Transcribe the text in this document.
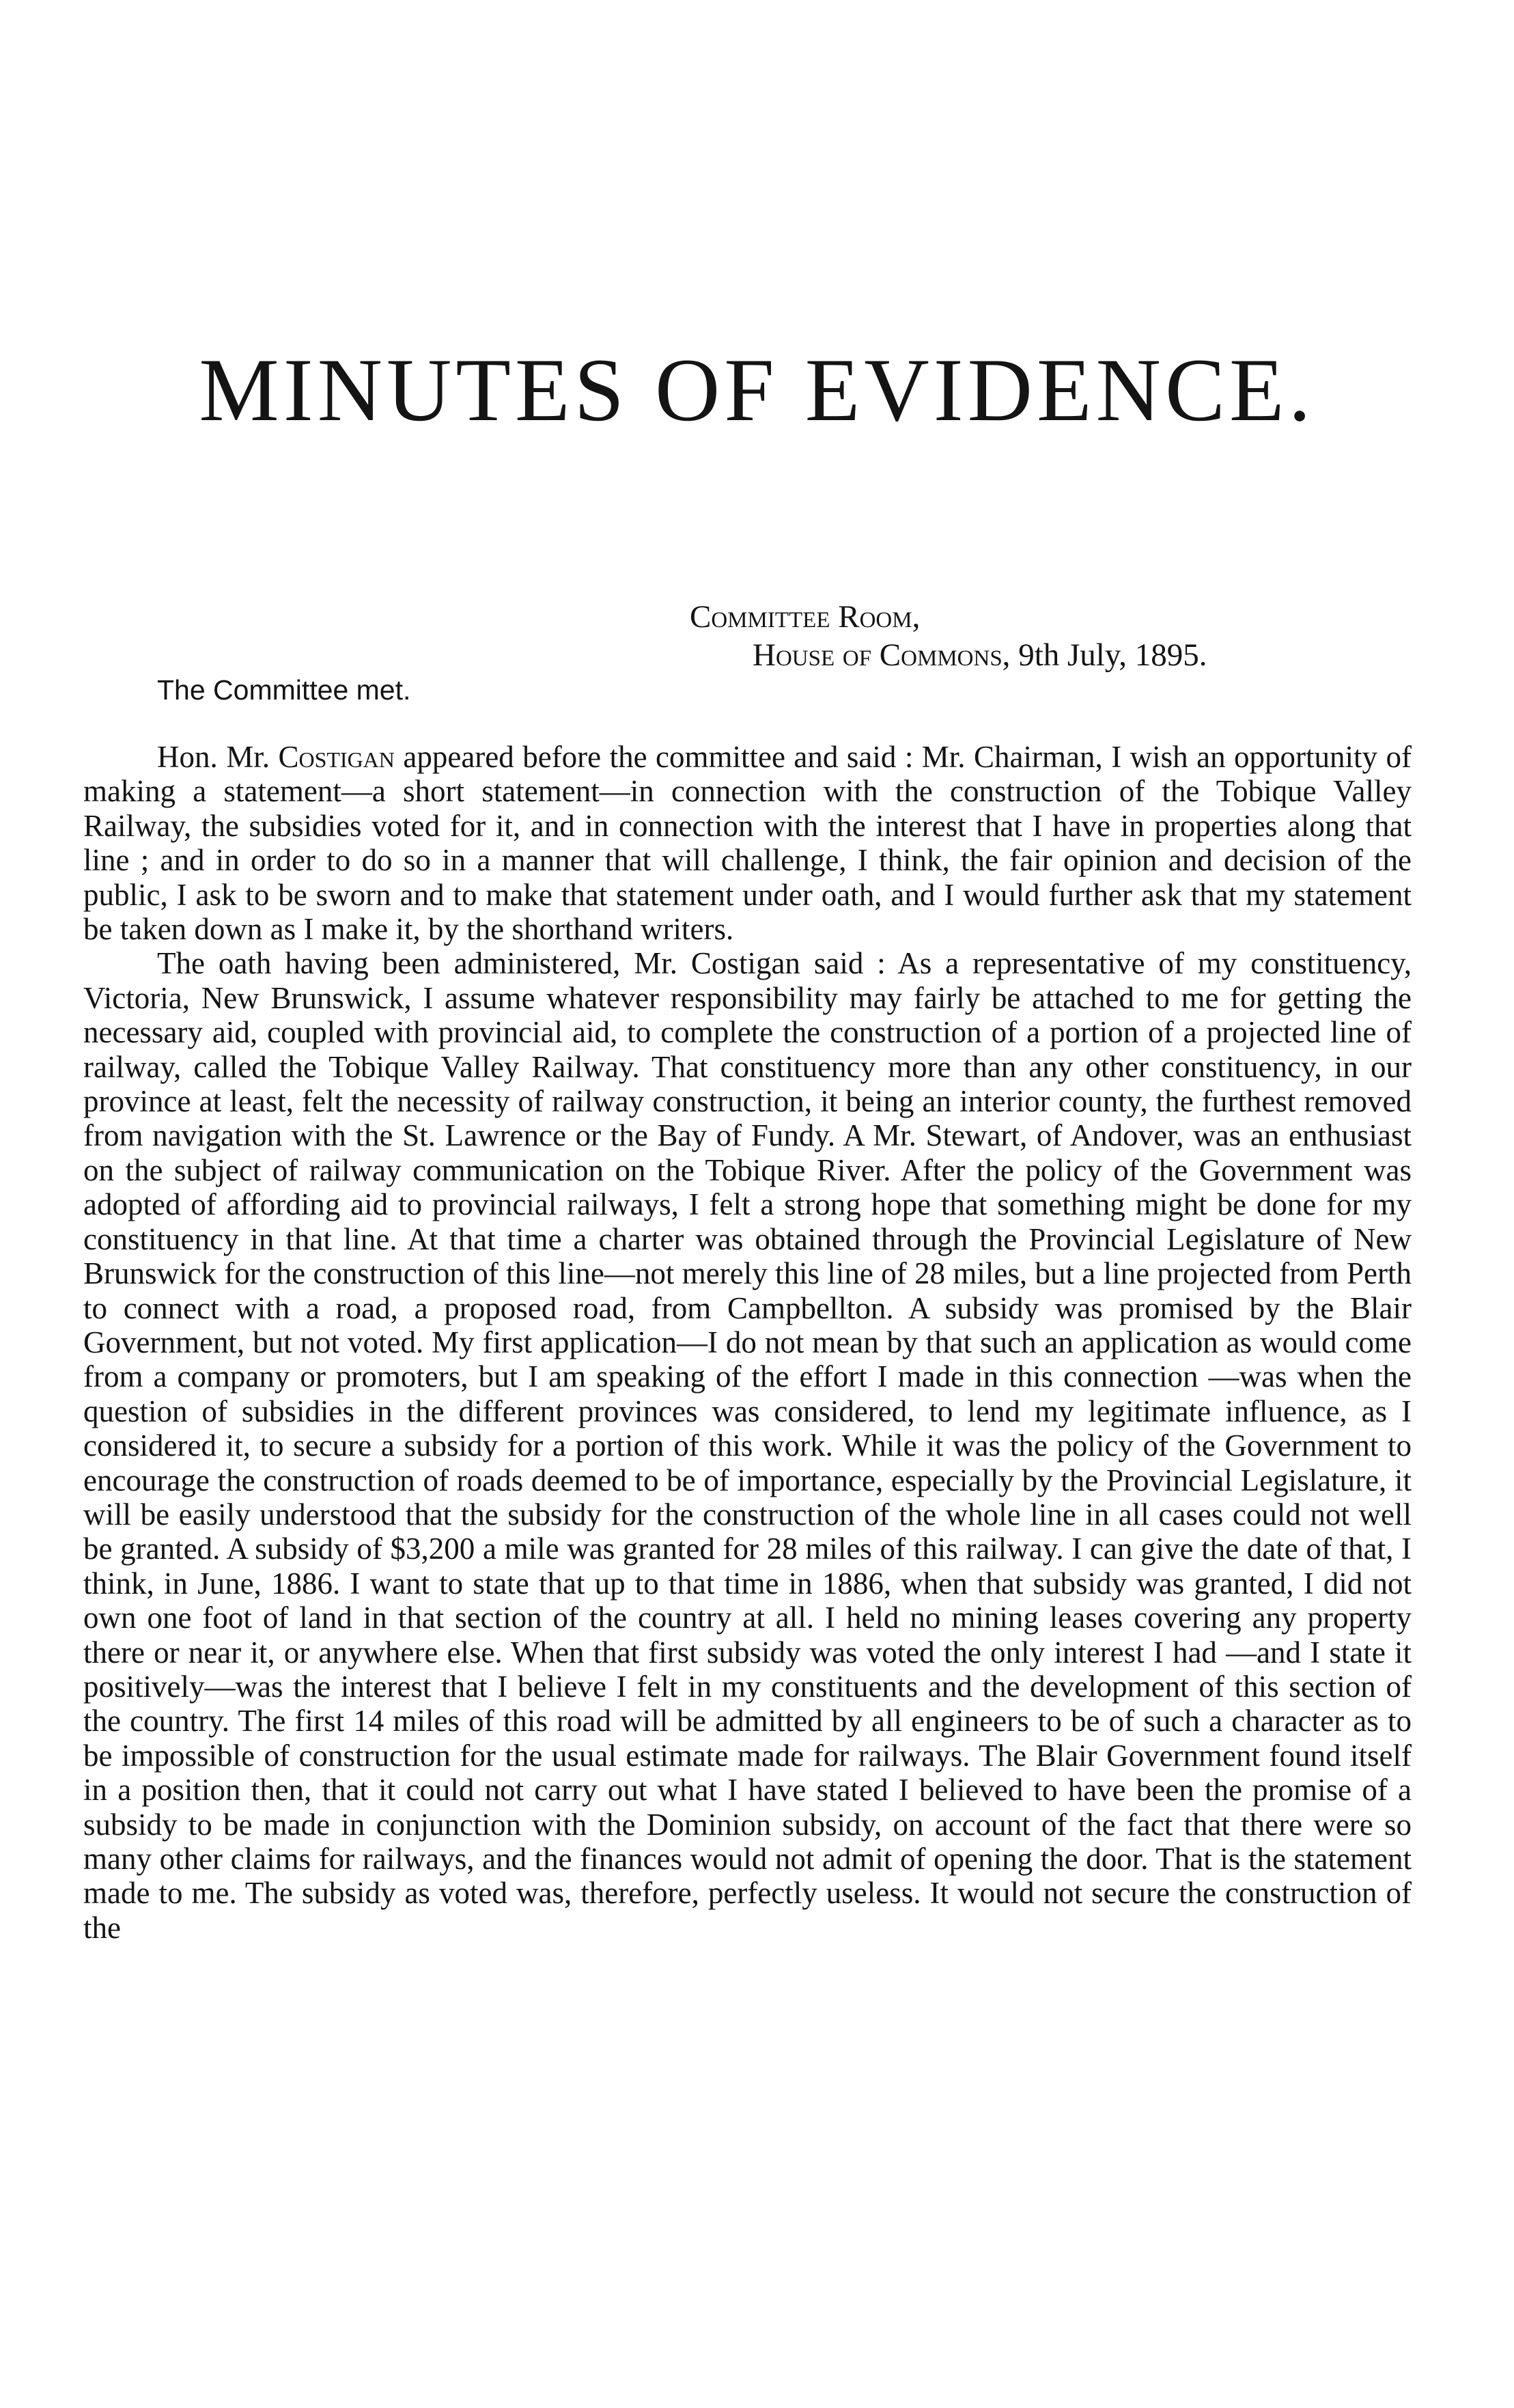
MINUTES OF EVIDENCE.
Committee Room,
House of Commons, 9th July, 1895.
The Committee met.

Hon. Mr. Costigan appeared before the committee and said : Mr. Chairman, I wish an opportunity of making a statement—a short statement—in connection with the construction of the Tobique Valley Railway, the subsidies voted for it, and in connection with the interest that I have in properties along that line ; and in order to do so in a manner that will challenge, I think, the fair opinion and decision of the public, I ask to be sworn and to make that statement under oath, and I would further ask that my statement be taken down as I make it, by the shorthand writers.

The oath having been administered, Mr. Costigan said : As a representative of my constituency, Victoria, New Brunswick, I assume whatever responsibility may fairly be attached to me for getting the necessary aid, coupled with provincial aid, to complete the construction of a portion of a projected line of railway, called the Tobique Valley Railway. That constituency more than any other constituency, in our province at least, felt the necessity of railway construction, it being an interior county, the furthest removed from navigation with the St. Lawrence or the Bay of Fundy. A Mr. Stewart, of Andover, was an enthusiast on the subject of railway communication on the Tobique River. After the policy of the Government was adopted of affording aid to provincial railways, I felt a strong hope that something might be done for my constituency in that line. At that time a charter was obtained through the Provincial Legislature of New Brunswick for the construction of this line—not merely this line of 28 miles, but a line projected from Perth to connect with a road, a proposed road, from Campbellton. A subsidy was promised by the Blair Government, but not voted. My first application—I do not mean by that such an application as would come from a company or promoters, but I am speaking of the effort I made in this connection —was when the question of subsidies in the different provinces was considered, to lend my legitimate influence, as I considered it, to secure a subsidy for a portion of this work. While it was the policy of the Government to encourage the construction of roads deemed to be of importance, especially by the Provincial Legislature, it will be easily understood that the subsidy for the construction of the whole line in all cases could not well be granted. A subsidy of $3,200 a mile was granted for 28 miles of this railway. I can give the date of that, I think, in June, 1886. I want to state that up to that time in 1886, when that subsidy was granted, I did not own one foot of land in that section of the country at all. I held no mining leases covering any property there or near it, or anywhere else. When that first subsidy was voted the only interest I had —and I state it positively—was the interest that I believe I felt in my constituents and the development of this section of the country. The first 14 miles of this road will be admitted by all engineers to be of such a character as to be impossible of construction for the usual estimate made for railways. The Blair Government found itself in a position then, that it could not carry out what I have stated I believed to have been the promise of a subsidy to be made in conjunction with the Dominion subsidy, on account of the fact that there were so many other claims for railways, and the finances would not admit of opening the door. That is the statement made to me. The subsidy as voted was, therefore, perfectly useless. It would not secure the construction of the
